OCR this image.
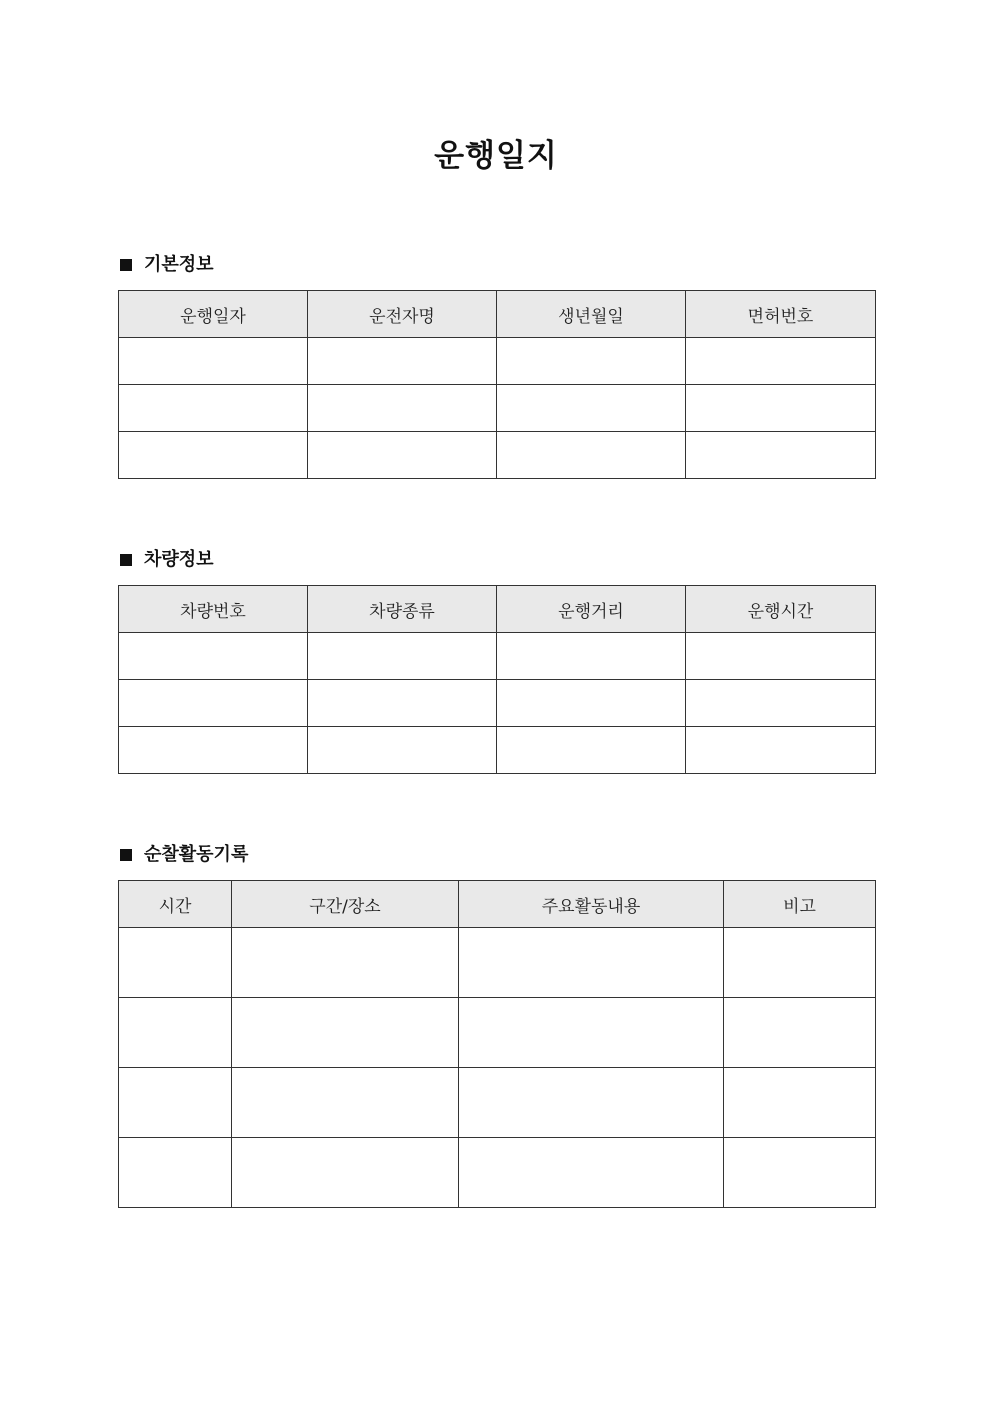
운행일지
기본정보
운행일자	운전자명	생년월일	면허번호

차량정보
차량번호	차량종류	운행거리	운행시간

순찰활동기록
시간	구간/장소	주요활동내용	비고
